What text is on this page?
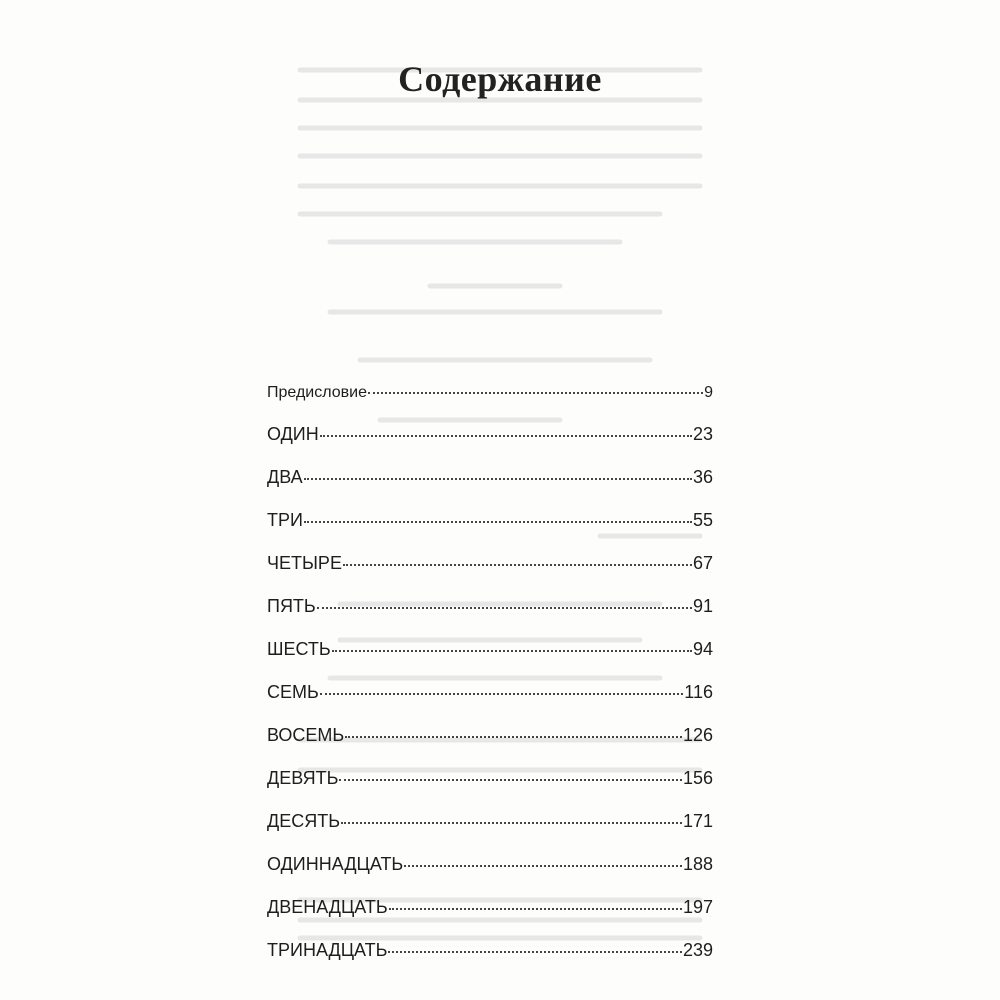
Содержание
Предисловие	9
ОДИН	23
ДВА	36
ТРИ	55
ЧЕТЫРЕ	67
ПЯТЬ	91
ШЕСТЬ	94
СЕМЬ	116
ВОСЕМЬ	126
ДЕВЯТЬ	156
ДЕСЯТЬ	171
ОДИННАДЦАТЬ	188
ДВЕНАДЦАТЬ	197
ТРИНАДЦАТЬ	239
